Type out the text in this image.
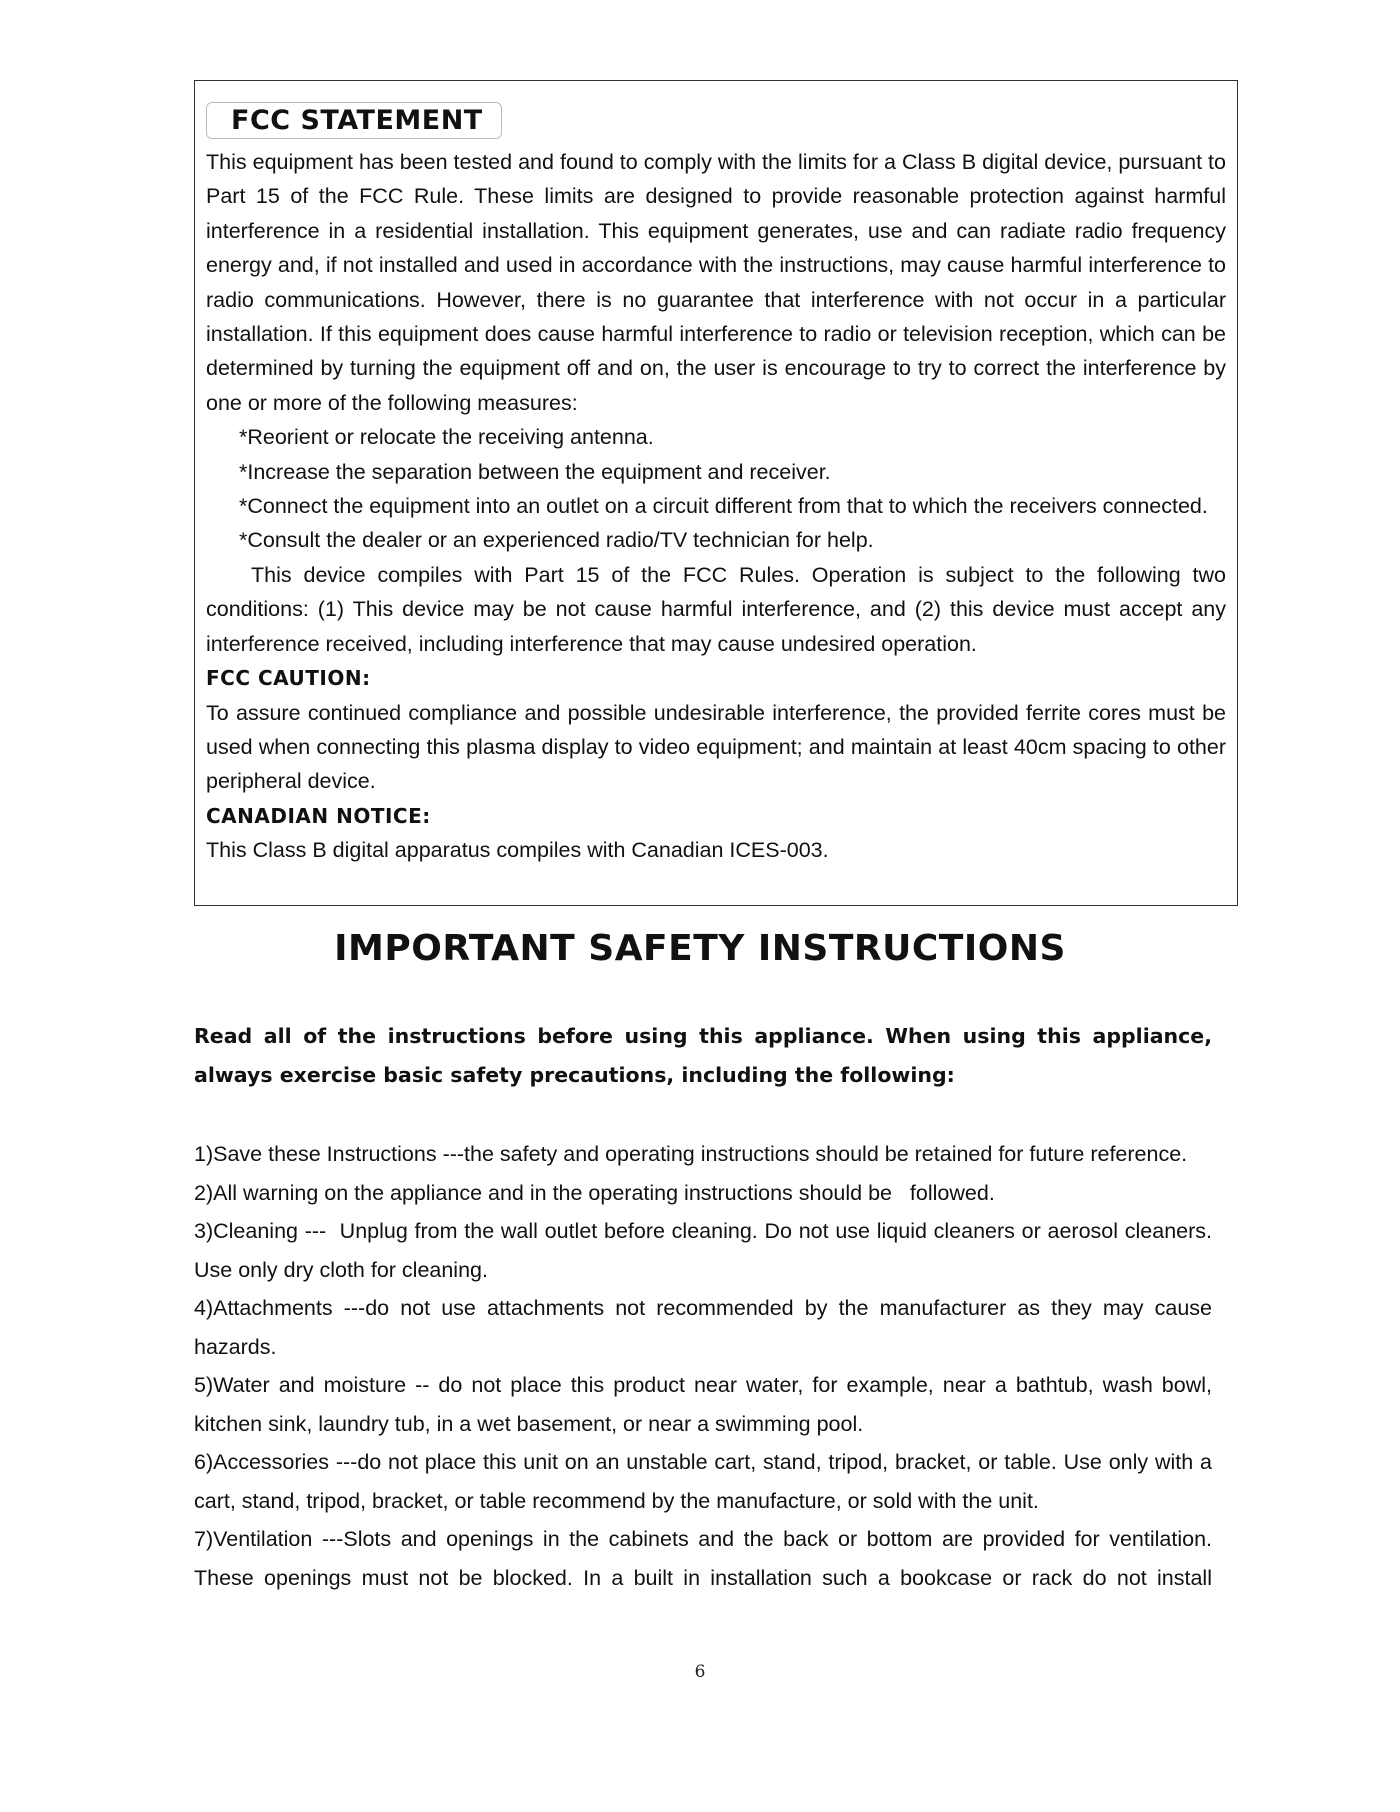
FCC STATEMENT

This equipment has been tested and found to comply with the limits for a Class B digital device, pursuant to Part 15 of the FCC Rule. These limits are designed to provide reasonable protection against harmful interference in a residential installation. This equipment generates, use and can radiate radio frequency energy and, if not installed and used in accordance with the instructions, may cause harmful interference to radio communications. However, there is no guarantee that interference with not occur in a particular installation. If this equipment does cause harmful interference to radio or television reception, which can be determined by turning the equipment off and on, the user is encourage to try to correct the interference by one or more of the following measures:

*Reorient or relocate the receiving antenna.

*Increase the separation between the equipment and receiver.

*Connect the equipment into an outlet on a circuit different from that to which the receivers connected.

*Consult the dealer or an experienced radio/TV technician for help.

This device compiles with Part 15 of the FCC Rules. Operation is subject to the following two conditions: (1) This device may be not cause harmful interference, and (2) this device must accept any interference received, including interference that may cause undesired operation.

FCC CAUTION:

To assure continued compliance and possible undesirable interference, the provided ferrite cores must be used when connecting this plasma display to video equipment; and maintain at least 40cm spacing to other peripheral device.

CANADIAN NOTICE:

This Class B digital apparatus compiles with Canadian ICES-003.

IMPORTANT SAFETY INSTRUCTIONS

Read all of the instructions before using this appliance. When using this appliance, always exercise basic safety precautions, including the following:

1)Save these Instructions ---the safety and operating instructions should be retained for future reference.
2)All warning on the appliance and in the operating instructions should be   followed.
3)Cleaning ---  Unplug from the wall outlet before cleaning. Do not use liquid cleaners or aerosol cleaners. Use only dry cloth for cleaning.
4)Attachments ---do not use attachments not recommended by the manufacturer as they may cause hazards.
5)Water and moisture -- do not place this product near water, for example, near a bathtub, wash bowl, kitchen sink, laundry tub, in a wet basement, or near a swimming pool.
6)Accessories ---do not place this unit on an unstable cart, stand, tripod, bracket, or table. Use only with a cart, stand, tripod, bracket, or table recommend by the manufacture, or sold with the unit.
7)Ventilation ---Slots and openings in the cabinets and the back or bottom are provided for ventilation. These openings must not be blocked. In a built in installation such a bookcase or rack do not install
6
